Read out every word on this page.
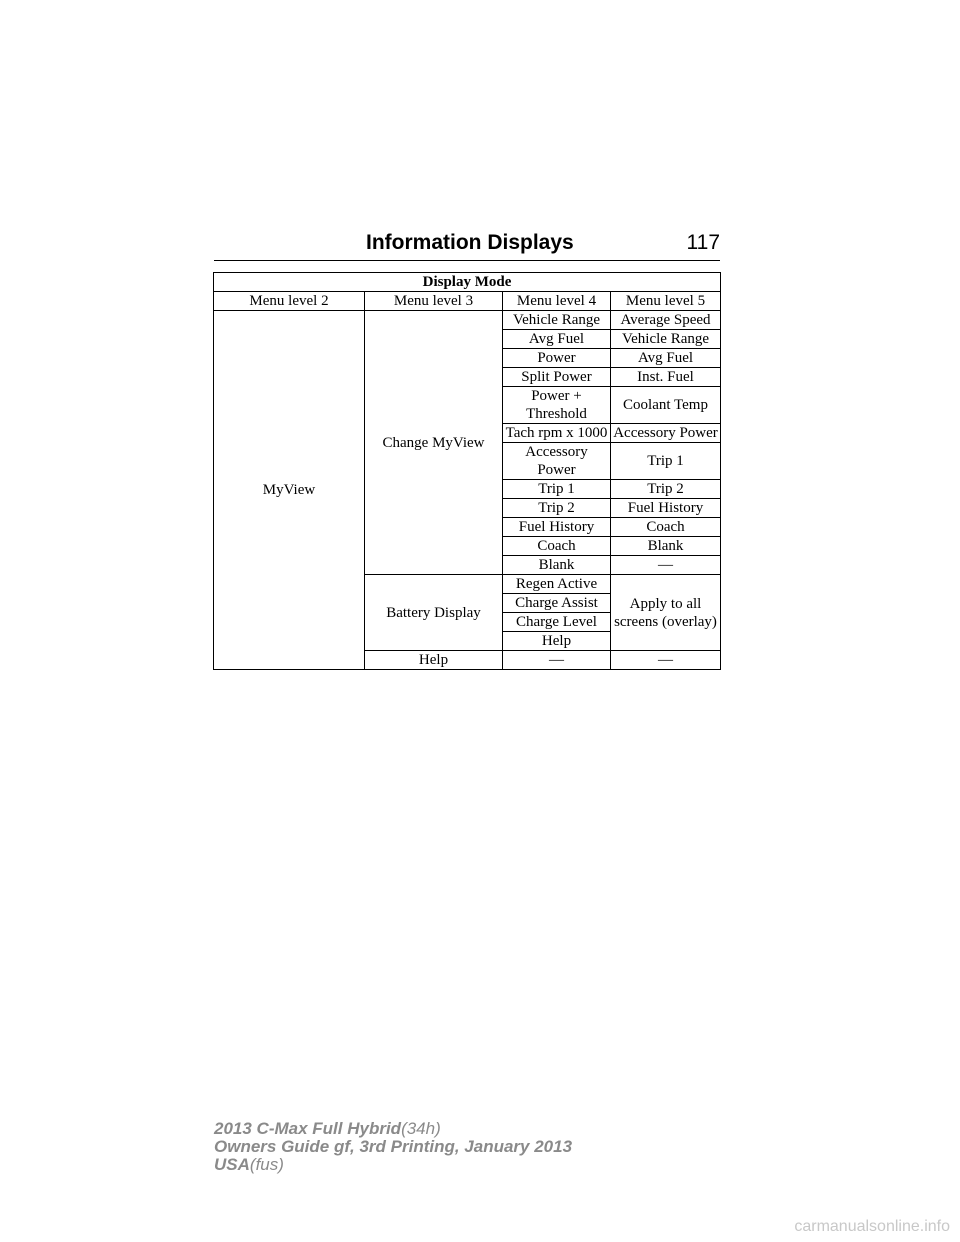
Information Displays	117
Display Mode			
Menu level 2	Menu level 3	Menu level 4	Menu level 5
MyView	Change MyView	Vehicle Range	Average Speed
		Avg Fuel	Vehicle Range
		Power	Avg Fuel
		Split Power	Inst. Fuel
		Power + Threshold	Coolant Temp
		Tach rpm x 1000	Accessory Power
		Accessory Power	Trip 1
		Trip 1	Trip 2
		Trip 2	Fuel History
		Fuel History	Coach
		Coach	Blank
		Blank	—
	Battery Display	Regen Active	Apply to all screens (overlay)
		Charge Assist	
		Charge Level	
		Help	
	Help	—	—
2013 C-Max Full Hybrid(34h)
Owners Guide gf, 3rd Printing, January 2013
USA(fus)
carmanualsonline.info
